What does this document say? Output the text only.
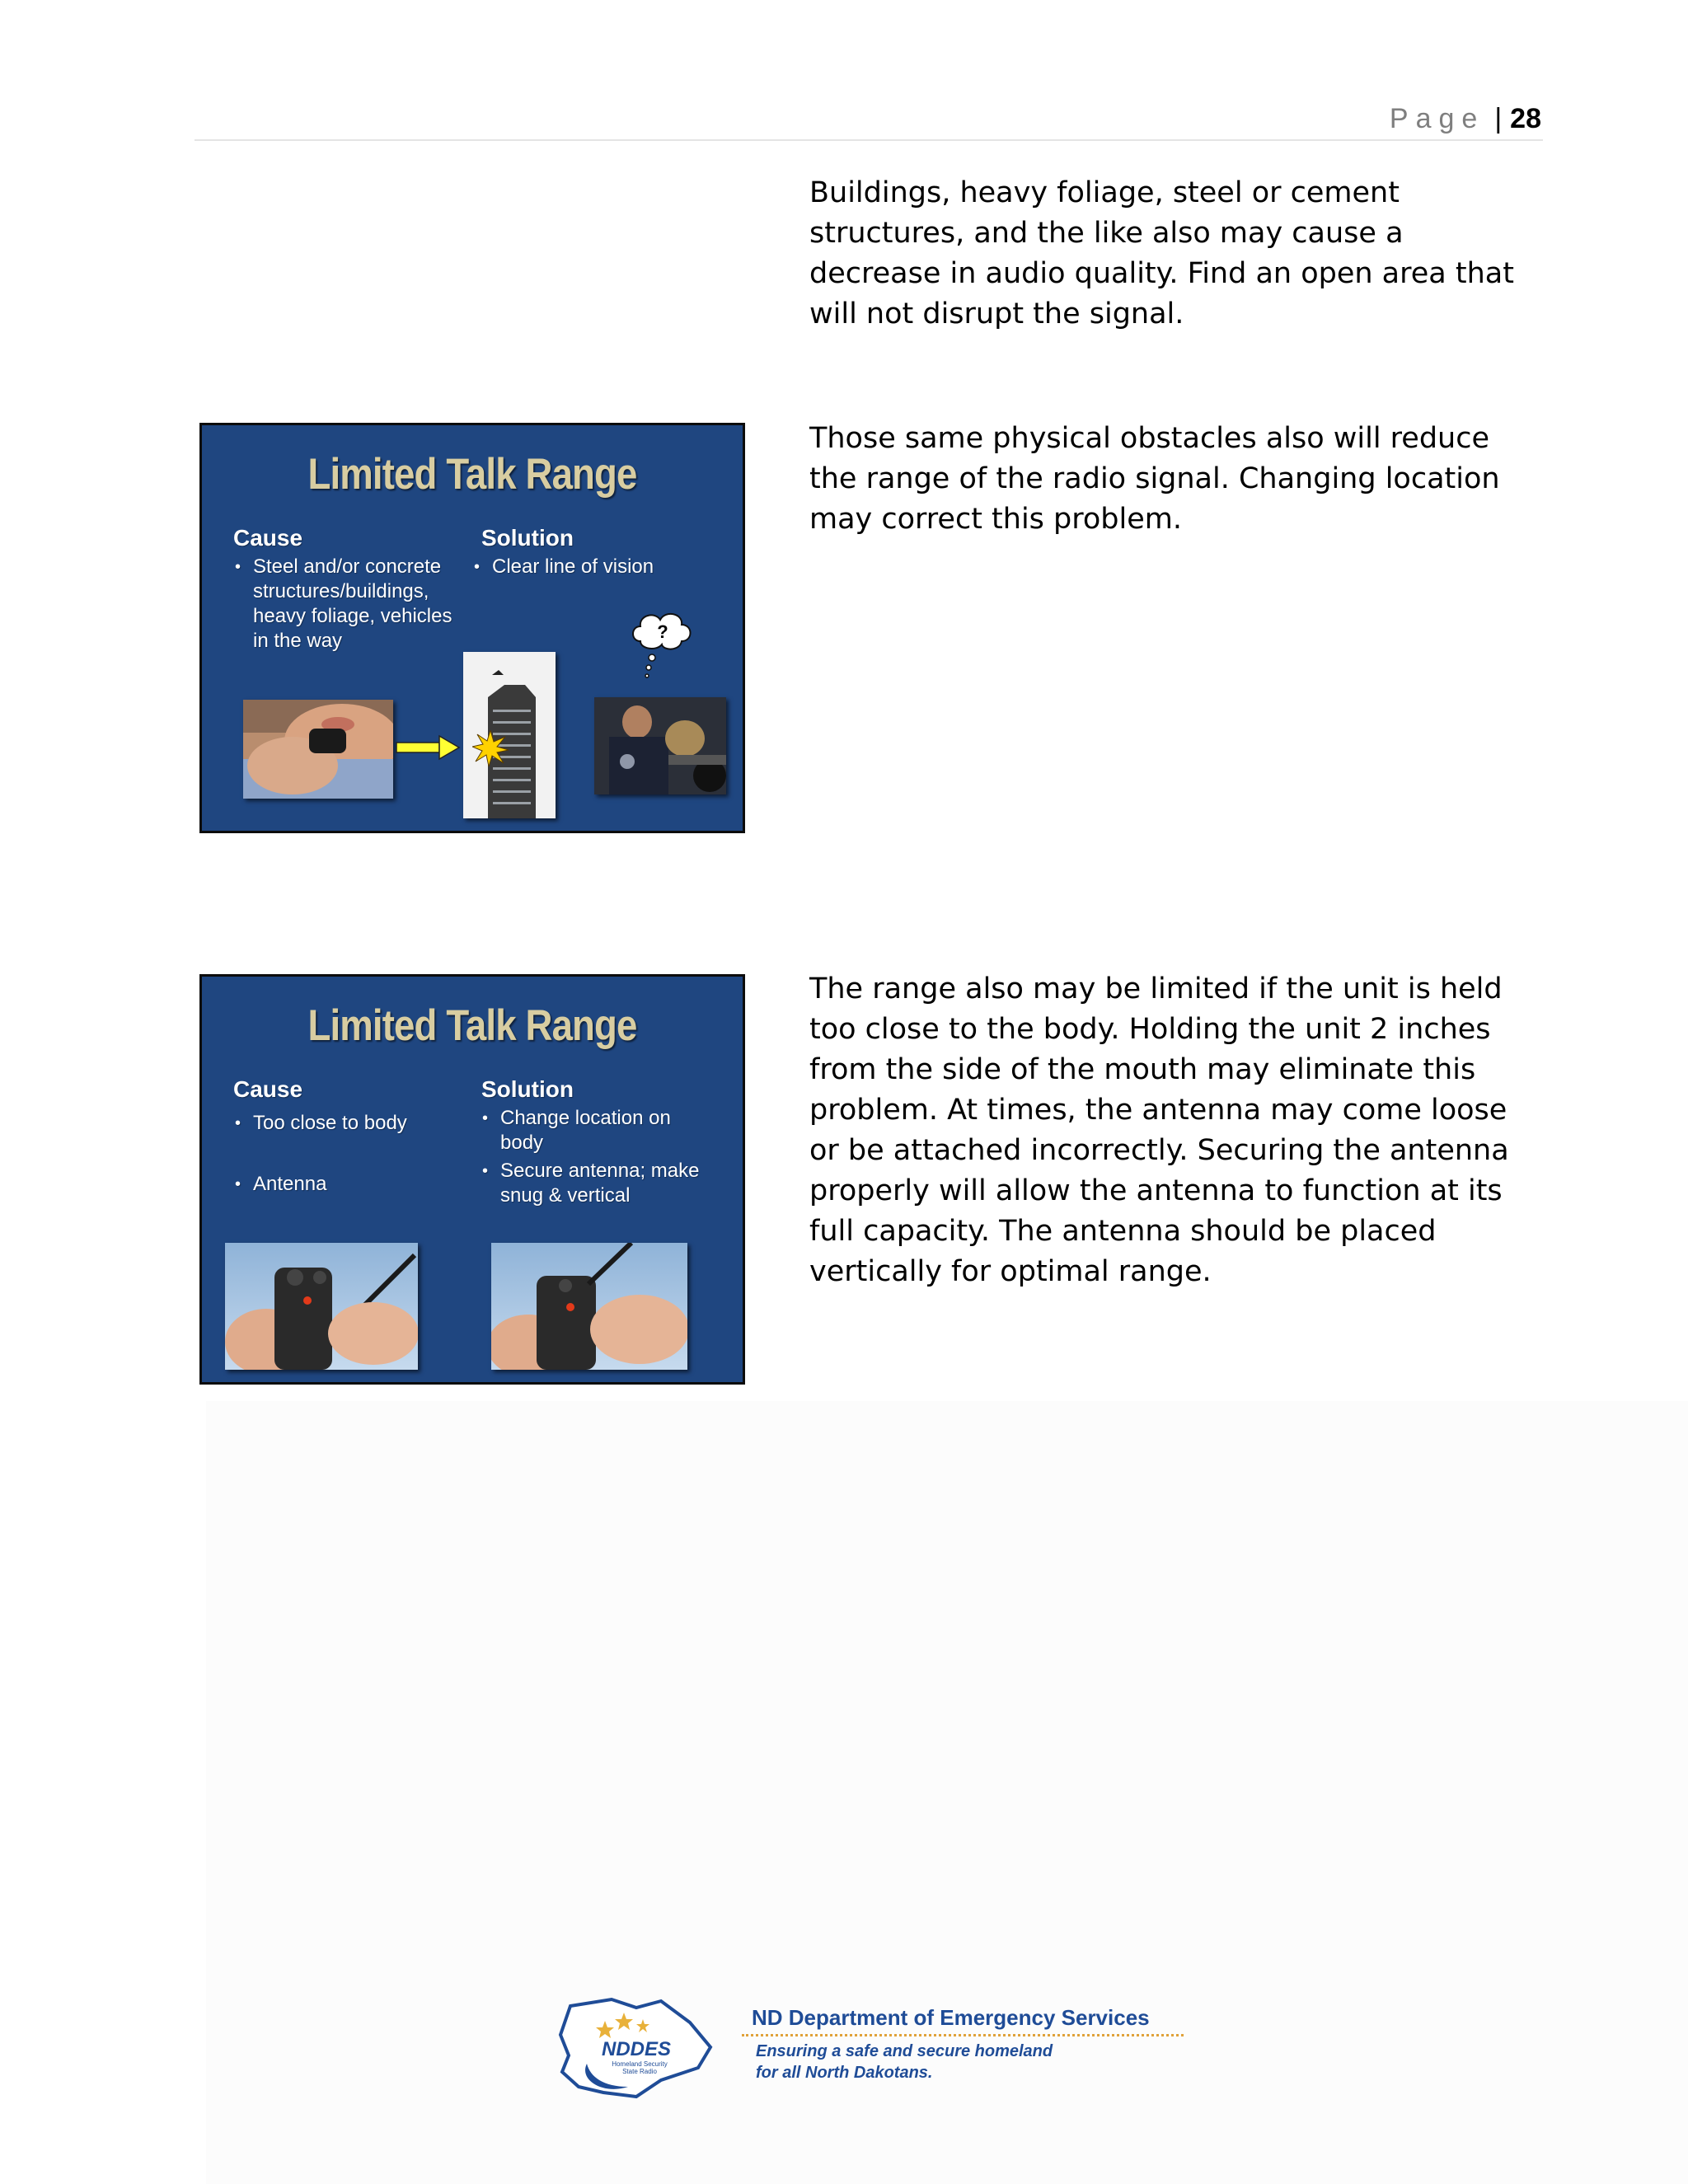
Page | 28

Buildings, heavy foliage, steel or cement structures, and the like also may cause a decrease in audio quality. Find an open area that will not disrupt the signal.

Those same physical obstacles also will reduce the range of the radio signal. Changing location may correct this problem.

The range also may be limited if the unit is held too close to the body. Holding the unit 2 inches from the side of the mouth may eliminate this problem. At times, the antenna may come loose or be attached incorrectly. Securing the antenna properly will allow the antenna to function at its full capacity. The antenna should be placed vertically for optimal range.

Limited Talk Range
Cause	Solution
• Steel and/or concrete structures/buildings, heavy foliage, vehicles in the way
• Clear line of vision
?
Limited Talk Range
Cause	Solution
• Too close to body
• Antenna
• Change location on body
• Secure antenna; make snug & vertical
NDDES
Homeland Security
State Radio
ND Department of Emergency Services
Ensuring a safe and secure homeland
for all North Dakotans.
